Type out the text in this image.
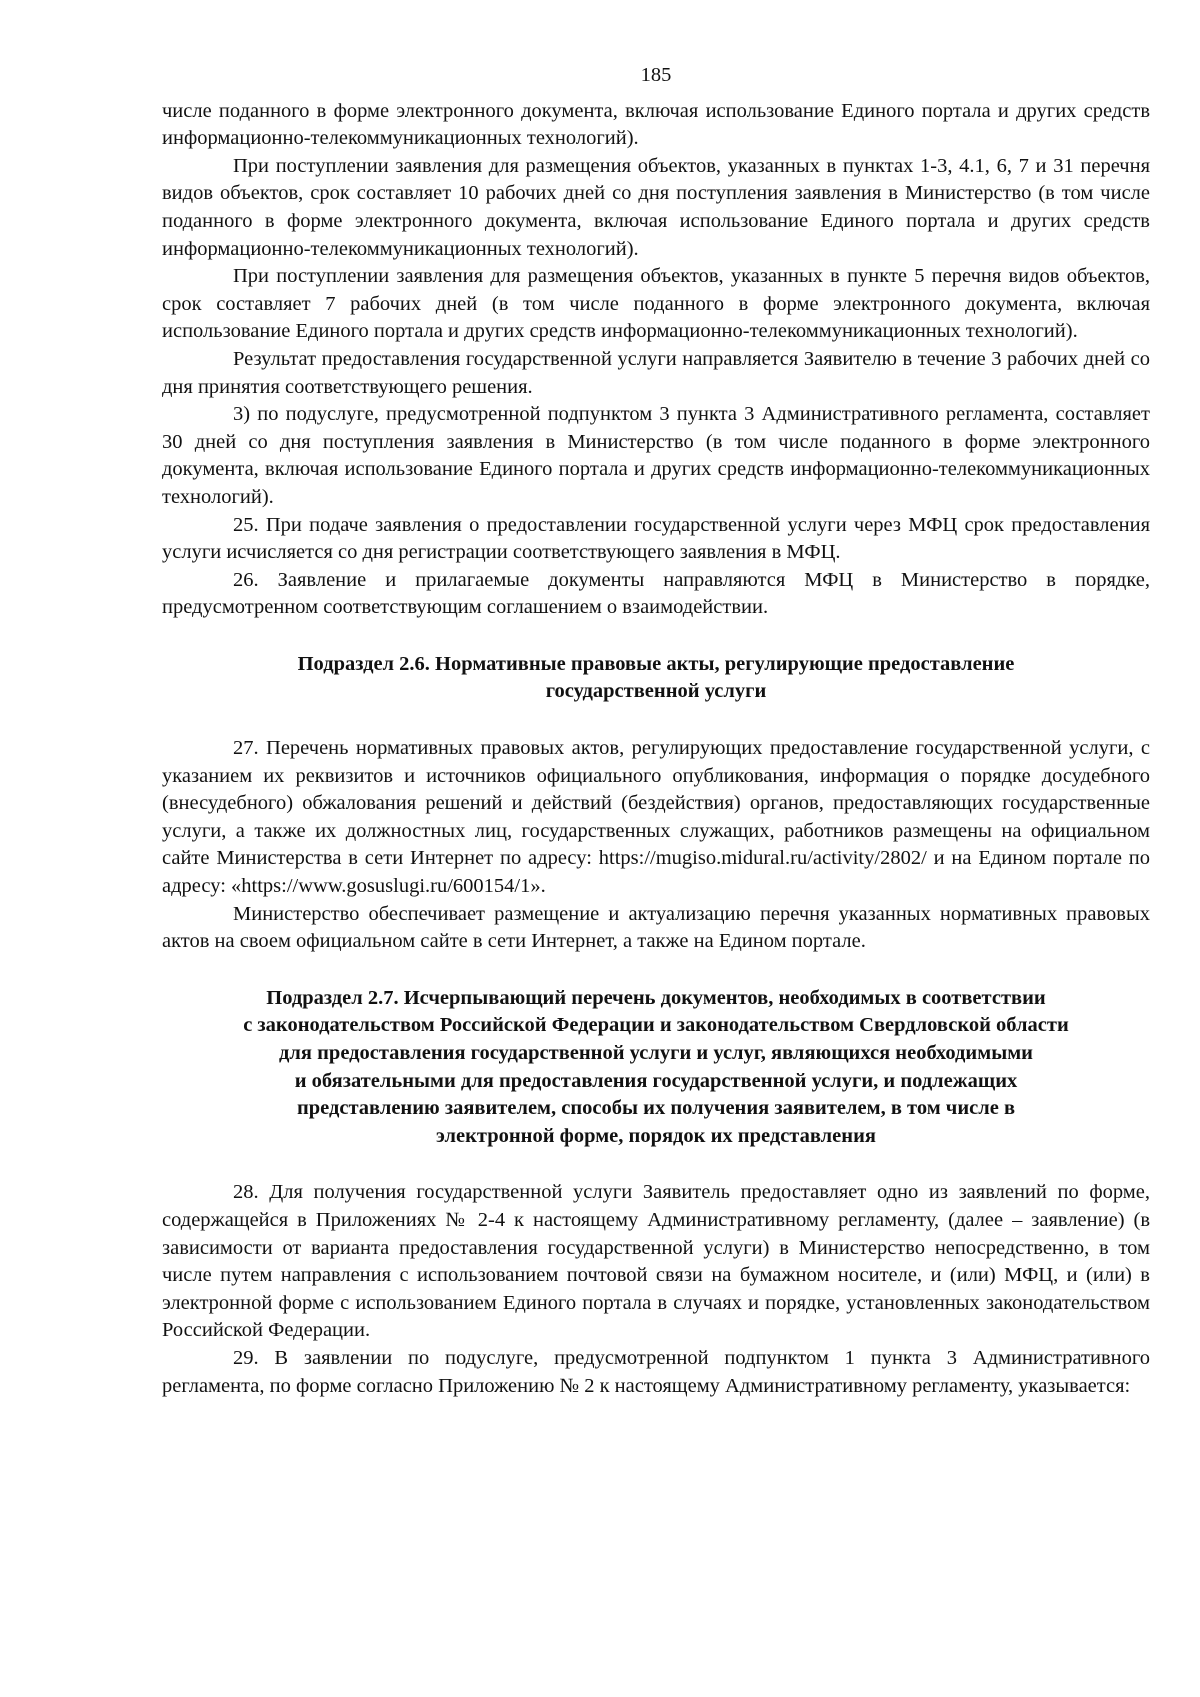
185

числе поданного в форме электронного документа, включая использование Единого портала и других средств информационно-телекоммуникационных технологий).

При поступлении заявления для размещения объектов, указанных в пунктах 1-3, 4.1, 6, 7 и 31 перечня видов объектов, срок составляет 10 рабочих дней со дня поступления заявления в Министерство (в том числе поданного в форме электронного документа, включая использование Единого портала и других средств информационно-телекоммуникационных технологий).

При поступлении заявления для размещения объектов, указанных в пункте 5 перечня видов объектов, срок составляет 7 рабочих дней (в том числе поданного в форме электронного документа, включая использование Единого портала и других средств информационно-телекоммуникационных технологий).

Результат предоставления государственной услуги направляется Заявителю в течение 3 рабочих дней со дня принятия соответствующего решения.

3) по подуслуге, предусмотренной подпунктом 3 пункта 3 Административного регламента, составляет 30 дней со дня поступления заявления в Министерство (в том числе поданного в форме электронного документа, включая использование Единого портала и других средств информационно-телекоммуникационных технологий).

25. При подаче заявления о предоставлении государственной услуги через МФЦ срок предоставления услуги исчисляется со дня регистрации соответствующего заявления в МФЦ.

26. Заявление и прилагаемые документы направляются МФЦ в Министерство в порядке, предусмотренном соответствующим соглашением о взаимодействии.

Подраздел 2.6. Нормативные правовые акты, регулирующие предоставление
государственной услуги

27. Перечень нормативных правовых актов, регулирующих предоставление государственной услуги, с указанием их реквизитов и источников официального опубликования, информация о порядке досудебного (внесудебного) обжалования решений и действий (бездействия) органов, предоставляющих государственные услуги, а также их должностных лиц, государственных служащих, работников размещены на официальном сайте Министерства в сети Интернет по адресу: https://mugiso.midural.ru/activity/2802/ и на Едином портале по адресу: «https://www.gosuslugi.ru/600154/1».

Министерство обеспечивает размещение и актуализацию перечня указанных нормативных правовых актов на своем официальном сайте в сети Интернет, а также на Едином портале.

Подраздел 2.7. Исчерпывающий перечень документов, необходимых в соответствии
с законодательством Российской Федерации и законодательством Свердловской области
для предоставления государственной услуги и услуг, являющихся необходимыми
и обязательными для предоставления государственной услуги, и подлежащих
представлению заявителем, способы их получения заявителем, в том числе в
электронной форме, порядок их представления

28. Для получения государственной услуги Заявитель предоставляет одно из заявлений по форме, содержащейся в Приложениях № 2-4 к настоящему Административному регламенту, (далее – заявление) (в зависимости от варианта предоставления государственной услуги) в Министерство непосредственно, в том числе путем направления с использованием почтовой связи на бумажном носителе, и (или) МФЦ, и (или) в электронной форме с использованием Единого портала в случаях и порядке, установленных законодательством Российской Федерации.

29. В заявлении по подуслуге, предусмотренной подпунктом 1 пункта 3 Административного регламента, по форме согласно Приложению № 2 к настоящему Административному регламенту, указывается:
